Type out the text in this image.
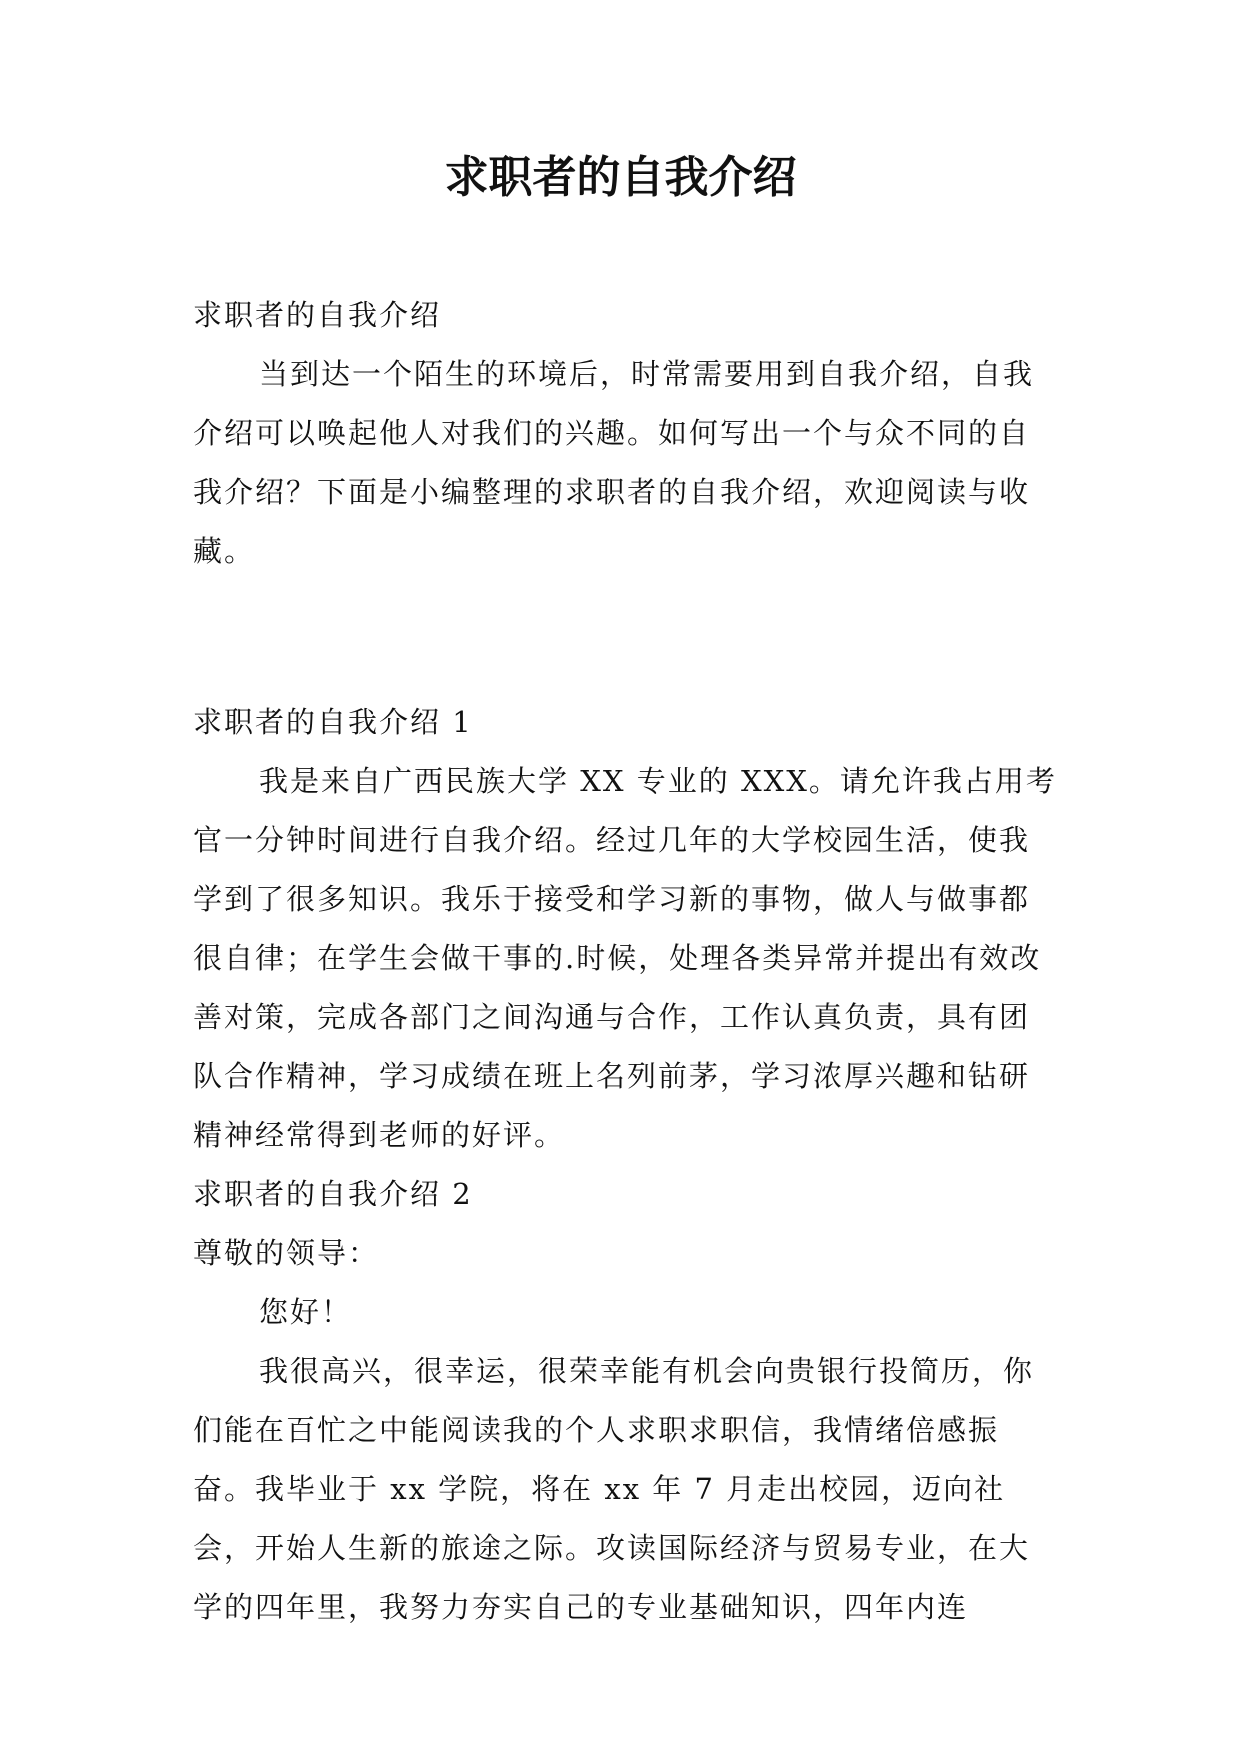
求职者的自我介绍

求职者的自我介绍

当到达一个陌生的环境后，时常需要用到自我介绍，自我介绍可以唤起他人对我们的兴趣。如何写出一个与众不同的自我介绍？下面是小编整理的求职者的自我介绍，欢迎阅读与收藏。

求职者的自我介绍 1

我是来自广西民族大学 XX 专业的 XXX。请允许我占用考官一分钟时间进行自我介绍。经过几年的大学校园生活，使我学到了很多知识。我乐于接受和学习新的事物，做人与做事都很自律；在学生会做干事的.时候，处理各类异常并提出有效改善对策，完成各部门之间沟通与合作，工作认真负责，具有团队合作精神，学习成绩在班上名列前茅，学习浓厚兴趣和钻研精神经常得到老师的好评。

求职者的自我介绍 2

尊敬的领导：

您好！

我很高兴，很幸运，很荣幸能有机会向贵银行投简历，你们能在百忙之中能阅读我的个人求职求职信，我情绪倍感振奋。我毕业于 xx 学院，将在 xx 年 7 月走出校园，迈向社会，开始人生新的旅途之际。攻读国际经济与贸易专业，在大学的四年里，我努力夯实自己的专业基础知识，四年内连
